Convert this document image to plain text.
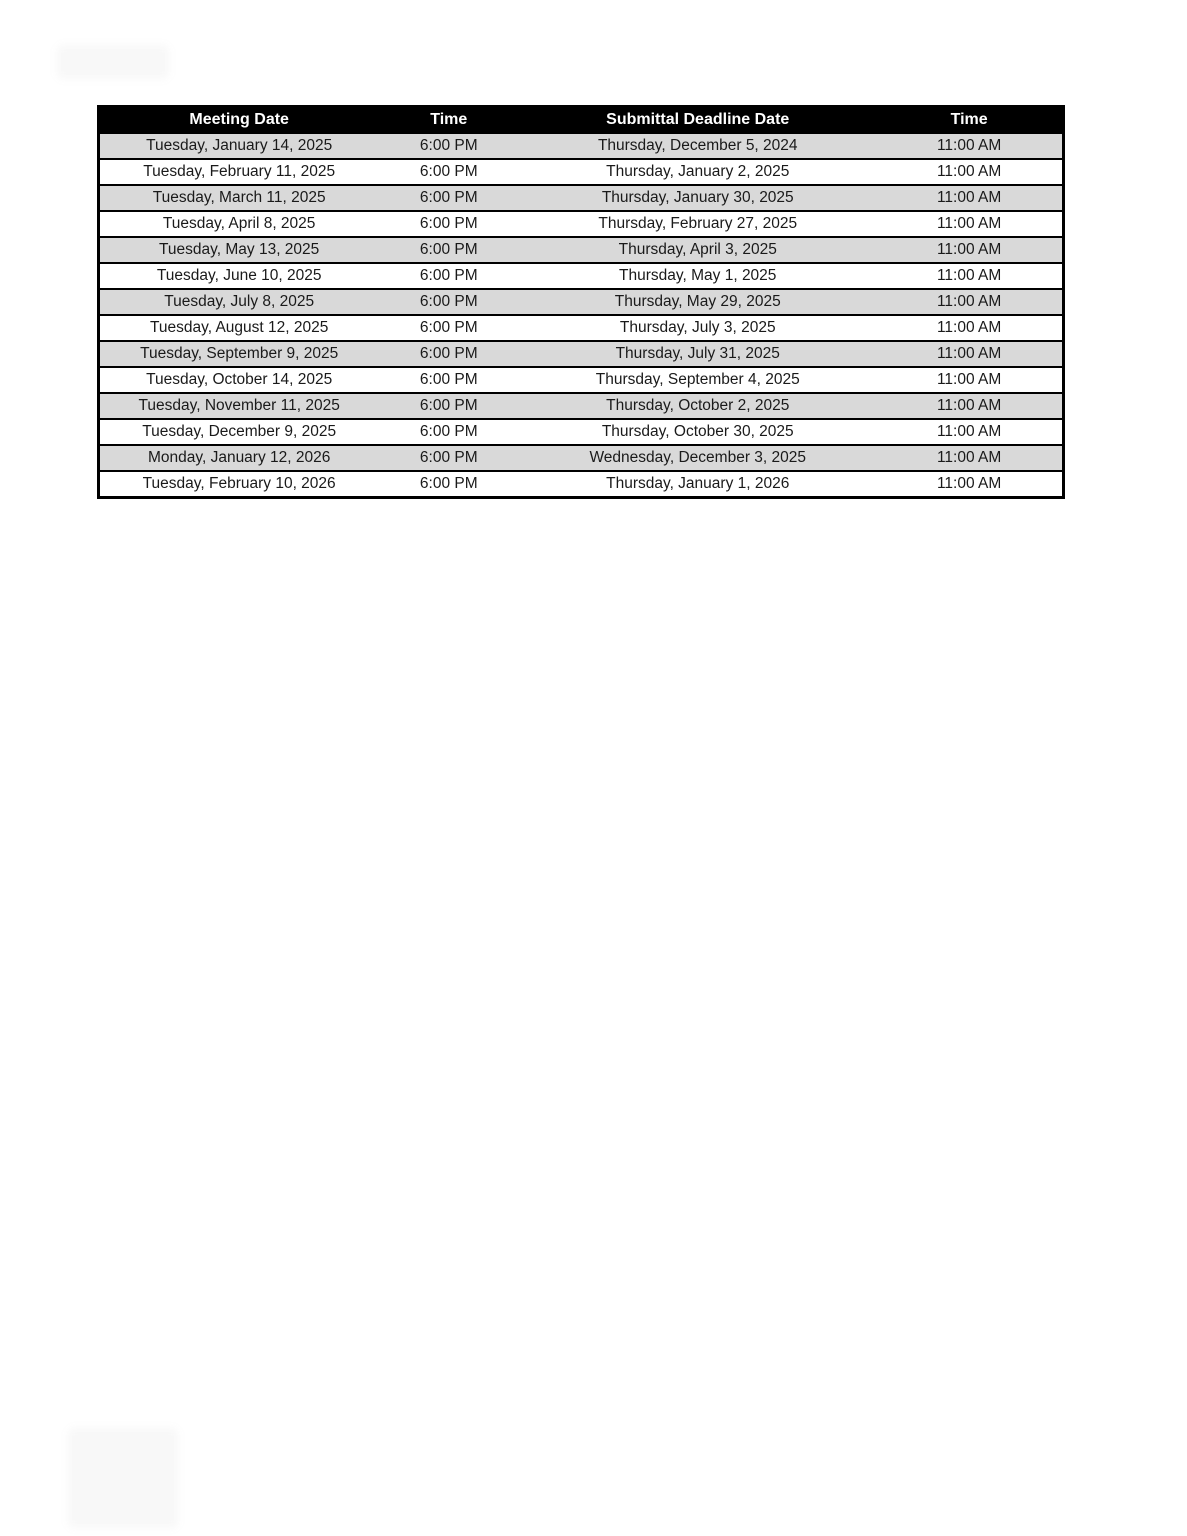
Meeting Date	Time	Submittal Deadline Date	Time
Tuesday, January 14, 2025	6:00 PM	Thursday, December 5, 2024	11:00 AM
Tuesday, February 11, 2025	6:00 PM	Thursday, January 2, 2025	11:00 AM
Tuesday, March 11, 2025	6:00 PM	Thursday, January 30, 2025	11:00 AM
Tuesday, April 8, 2025	6:00 PM	Thursday, February 27, 2025	11:00 AM
Tuesday, May 13, 2025	6:00 PM	Thursday, April 3, 2025	11:00 AM
Tuesday, June 10, 2025	6:00 PM	Thursday, May 1, 2025	11:00 AM
Tuesday, July 8, 2025	6:00 PM	Thursday, May 29, 2025	11:00 AM
Tuesday, August 12, 2025	6:00 PM	Thursday, July 3, 2025	11:00 AM
Tuesday, September 9, 2025	6:00 PM	Thursday, July 31, 2025	11:00 AM
Tuesday, October 14, 2025	6:00 PM	Thursday, September 4, 2025	11:00 AM
Tuesday, November 11, 2025	6:00 PM	Thursday, October 2, 2025	11:00 AM
Tuesday, December 9, 2025	6:00 PM	Thursday, October 30, 2025	11:00 AM
Monday, January 12, 2026	6:00 PM	Wednesday, December 3, 2025	11:00 AM
Tuesday, February 10, 2026	6:00 PM	Thursday, January 1, 2026	11:00 AM
